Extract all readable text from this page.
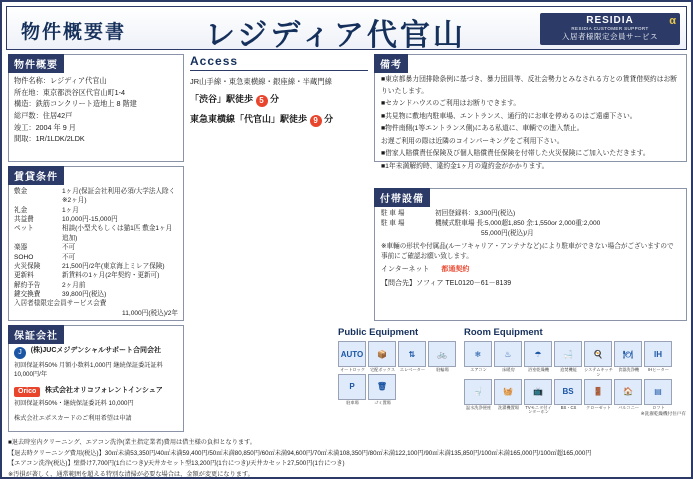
物件概要書	レジディア代官山	α
RESIDIA
RESIDIA CUSTOMER SUPPORT
入居者様限定会員サービス
物件概要
物件名称：レジディア代官山
所在地：東京都渋谷区代官山町1-4
構造：鉄筋コンクリート造地上 8 階建
総戸数：住居42戸
竣工：2004 年 9 月
間取：1R/1LDK/2LDK
賃貸条件
敷金	1ヶ月(保証会社利用必須/大学法人除く※2ヶ月)
礼金	1ヶ月
共益費	10,000円-15,000円
ペット	相談(小型犬もしくは猫1匹 敷金1ヶ月追加)
楽器	不可
SOHO	不可
火災保険	21,500円/2年(東京海上ミレア保険)
更新料	新賃料の1ヶ月(2年契約・更新可)
解約予告	2ヶ月前
鍵交換費	39,800円(税込)
入居者様限定会員サービス会費	
11,000円(税込)/2年	
保証会社
J (株)JUCメジデンシャルサポート合同会社
初回保証料50% 月額小数料1,000円 継続保証委託証料10,000円/年
Orico 株式会社オリコフォレントインシュア
初回保証料50%・継続保証委託料 10,000円
株式会社エポスカードのご利用希望は申請
Access
JR山手線・東急東横線・銀座線・半蔵門線
「渋谷」駅徒歩 5 分
東急東横線「代官山」駅徒歩 9 分
備考
■東京都暴力団排除条例に基づき、暴力団員等、反社会勢力とみなされる方との賃貸借契約はお断りいたします。
■セカンドハウスのご利用はお断りできます。
■共見物に敷地内駐車場、エントランス、通行的にお車を停めるのはご遠慮下さい。
■物件南側(1等エントランス側)にある私道に、車輌での進入禁止。
お遅ご利用の際は近隣のコインパーキングをご利用下さい。
■借家人賠償責任保険及び個人賠償責任保険を付帯した火災保険にご加入いただきます。
■1年未満解約時、違約金1ヶ月の違約金がかかります。
付帯設備
駐 車 場	初回登録料：3,300円(税込)
駐 車 場	機械式駐車場 長:5,000超1,850 余:1,550or 2,000重:2,000
55,000円(税込)/月
※車輛の形状や付属品(ルーフキャリア・アンテナなど)により駐車ができない場合がございますので事前にご確認お願い致します。
インターネット 都通契約
【問合先】ソフィア TEL0120－61－8139
Public Equipment
AUTO
オートロック
📦
宅配ボックス
⇅
エレベーター
🚲
駐輪場
P
駐車場
🗑
ゴミ置場
Room Equipment
❄
エアコン
♨
床暖房
☂
浴室乾燥機
🛁
追焚機能
🍳
システムキッチン
🍽
食器洗浄機
IH
IHヒーター
🚽
温水洗浄便座
🧺
洗濯機置場
📺
TVモニタ付インターホン
BS
BS・CS
🚪
クローゼット
🏠
バルコニー
▤
ロフト
※洗濯乾燥機付住戸有
■退去時室内クリーニング、エアコン洗浄(業主指定業者)費用は借主様の負担となります。
【退去時クリーニング費用(税込)】30㎡未満53,350円/40㎡未満59,400円/50㎡未満80,850円/60㎡未満94,600円/70㎡未満108,350円/80㎡未満122,100円/90㎡未満135,850円/100㎡未満165,000円/100㎡超165,000円
【エアコン洗浄(税込)】壁掛け7,700円(1台につき)/天井カセット型13,200円(1台につき)/天井カセット27,500円(1台につき)
※汚損が著しく、通常範囲を超える特別な清掃が必要な場合は、金額が変更になります。
